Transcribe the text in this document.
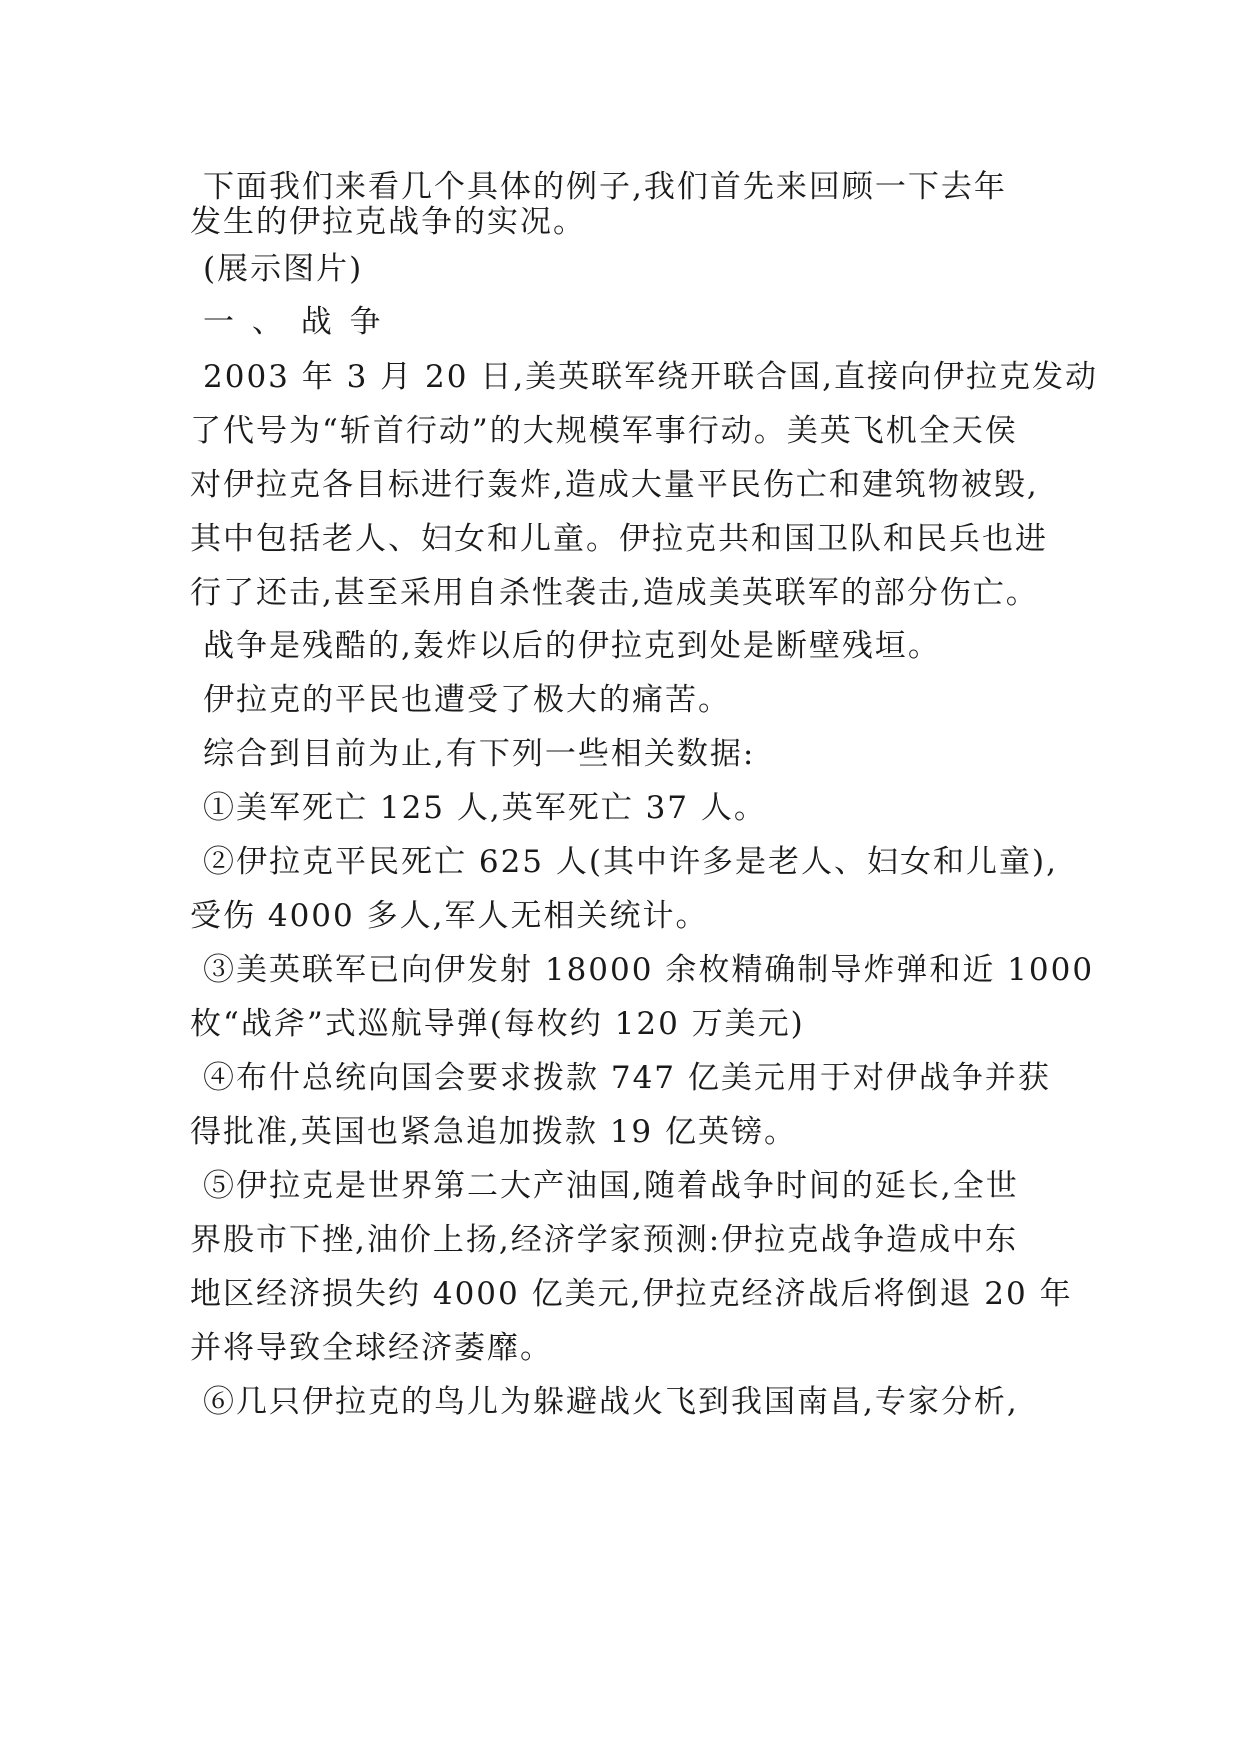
下面我们来看几个具体的例子,我们首先来回顾一下去年
发生的伊拉克战争的实况。
(展示图片)
一 、 战 争
2003 年 3 月 20 日,美英联军绕开联合国,直接向伊拉克发动
了代号为“斩首行动”的大规模军事行动。美英飞机全天侯
对伊拉克各目标进行轰炸,造成大量平民伤亡和建筑物被毁,
其中包括老人、妇女和儿童。伊拉克共和国卫队和民兵也进
行了还击,甚至采用自杀性袭击,造成美英联军的部分伤亡。
战争是残酷的,轰炸以后的伊拉克到处是断壁残垣。
伊拉克的平民也遭受了极大的痛苦。
综合到目前为止,有下列一些相关数据:
①美军死亡 125 人,英军死亡 37 人。
②伊拉克平民死亡 625 人(其中许多是老人、妇女和儿童),
受伤 4000 多人,军人无相关统计。
③美英联军已向伊发射 18000 余枚精确制导炸弹和近 1000
枚“战斧”式巡航导弹(每枚约 120 万美元)
④布什总统向国会要求拨款 747 亿美元用于对伊战争并获
得批准,英国也紧急追加拨款 19 亿英镑。
⑤伊拉克是世界第二大产油国,随着战争时间的延长,全世
界股市下挫,油价上扬,经济学家预测:伊拉克战争造成中东
地区经济损失约 4000 亿美元,伊拉克经济战后将倒退 20 年
并将导致全球经济萎靡。
⑥几只伊拉克的鸟儿为躲避战火飞到我国南昌,专家分析,
